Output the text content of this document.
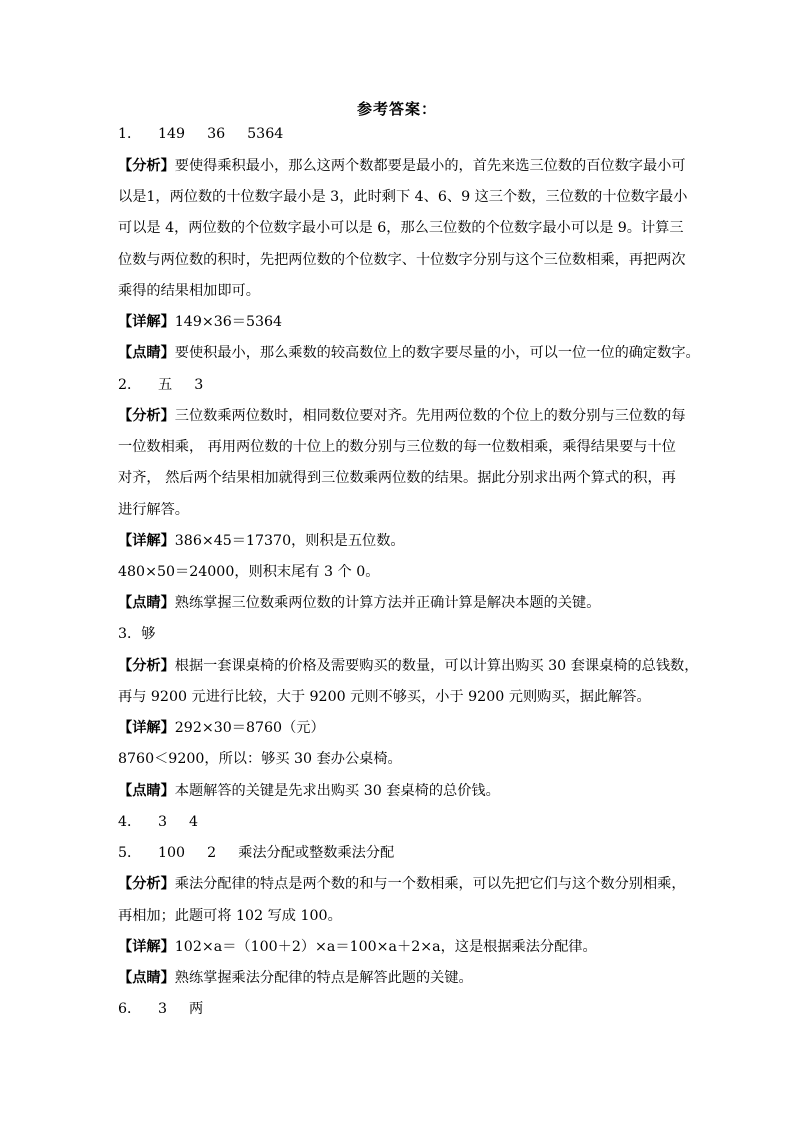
参考答案：
1． 149 36 5364
【分析】要使得乘积最小，那么这两个数都要是最小的，首先来选三位数的百位数字最小可
以是1，两位数的十位数字最小是 3，此时剩下 4、6、9 这三个数，三位数的十位数字最小
可以是 4，两位数的个位数字最小可以是 6，那么三位数的个位数字最小可以是 9。计算三
位数与两位数的积时，先把两位数的个位数字、十位数字分别与这个三位数相乘，再把两次
乘得的结果相加即可。
【详解】149×36＝5364
【点睛】要使积最小，那么乘数的较高数位上的数字要尽量的小，可以一位一位的确定数字。
2． 五 3
【分析】三位数乘两位数时，相同数位要对齐。先用两位数的个位上的数分别与三位数的每
一位数相乘， 再用两位数的十位上的数分别与三位数的每一位数相乘，乘得结果要与十位
对齐， 然后两个结果相加就得到三位数乘两位数的结果。据此分别求出两个算式的积，再
进行解答。
【详解】386×45＝17370，则积是五位数。
480×50＝24000，则积末尾有 3 个 0。
【点睛】熟练掌握三位数乘两位数的计算方法并正确计算是解决本题的关键。
3．够
【分析】根据一套课桌椅的价格及需要购买的数量，可以计算出购买 30 套课桌椅的总钱数，
再与 9200 元进行比较，大于 9200 元则不够买，小于 9200 元则购买，据此解答。
【详解】292×30＝8760（元）
8760＜9200，所以：够买 30 套办公桌椅。
【点睛】本题解答的关键是先求出购买 30 套桌椅的总价钱。
4． 3 4
5． 100 2 乘法分配或整数乘法分配
【分析】乘法分配律的特点是两个数的和与一个数相乘，可以先把它们与这个数分别相乘，
再相加；此题可将 102 写成 100。
【详解】102×a＝（100＋2）×a＝100×a＋2×a，这是根据乘法分配律。
【点睛】熟练掌握乘法分配律的特点是解答此题的关键。
6． 3 两
